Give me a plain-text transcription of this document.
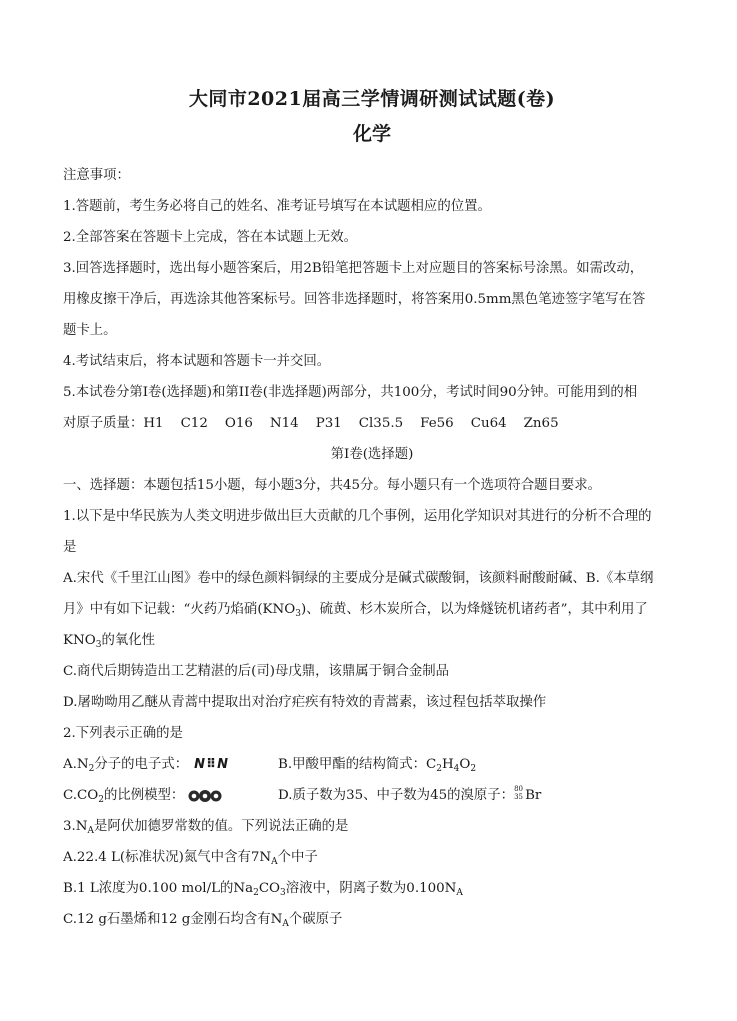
大同市2021届高三学情调研测试试题(卷)
化学
注意事项：
1.答题前，考生务必将自己的姓名、准考证号填写在本试题相应的位置。
2.全部答案在答题卡上完成，答在本试题上无效。
3.回答选择题时，选出每小题答案后，用2B铅笔把答题卡上对应题目的答案标号涂黑。如需改动，
用橡皮擦干净后，再选涂其他答案标号。回答非选择题时，将答案用0.5mm黑色笔迹签字笔写在答
题卡上。
4.考试结束后，将本试题和答题卡一并交回。
5.本试卷分第I卷(选择题)和第II卷(非选择题)两部分，共100分，考试时间90分钟。可能用到的相
对原子质量：H1    C12    O16    N14    P31    Cl35.5    Fe56    Cu64    Zn65
第I卷(选择题)
一、选择题：本题包括15小题，每小题3分，共45分。每小题只有一个选项符合题目要求。
1.以下是中华民族为人类文明进步做出巨大贡献的几个事例，运用化学知识对其进行的分析不合理的
是
A.宋代《千里江山图》卷中的绿色颜料铜绿的主要成分是碱式碳酸铜，该颜料耐酸耐碱、B.《本草纲
月》中有如下记载：“火药乃焰硝$(KNO_3)$、硫黄、杉木炭所合，以为烽燧铳机诸药者”，其中利用了
$KNO_3$的氧化性
C.商代后期铸造出工艺精湛的后(司)母戊鼎，该鼎属于铜合金制品
D.屠呦呦用乙醚从青蒿中提取出对治疗疟疾有特效的青蒿素，该过程包括萃取操作
2.下列表示正确的是
$A.N_2$分子的电子式： N⠿N	B.甲酸甲酯的结构简式：$C_2H_4O_2$
$C.CO_2$的比例模型：	D.质子数为35、中子数为45的溴原子： 80
35 Br
$3.N_A$是阿伏加德罗常数的值。下列说法正确的是
A.22.4 L(标准状况)氮气中含有$7N_A$个中子
B.1 L浓度为0.100 mol/L的$Na_2CO_3$溶液中，阴离子数为$0.100N_A$
C.12 g石墨烯和12 g金刚石均含有$N_A$个碳原子
